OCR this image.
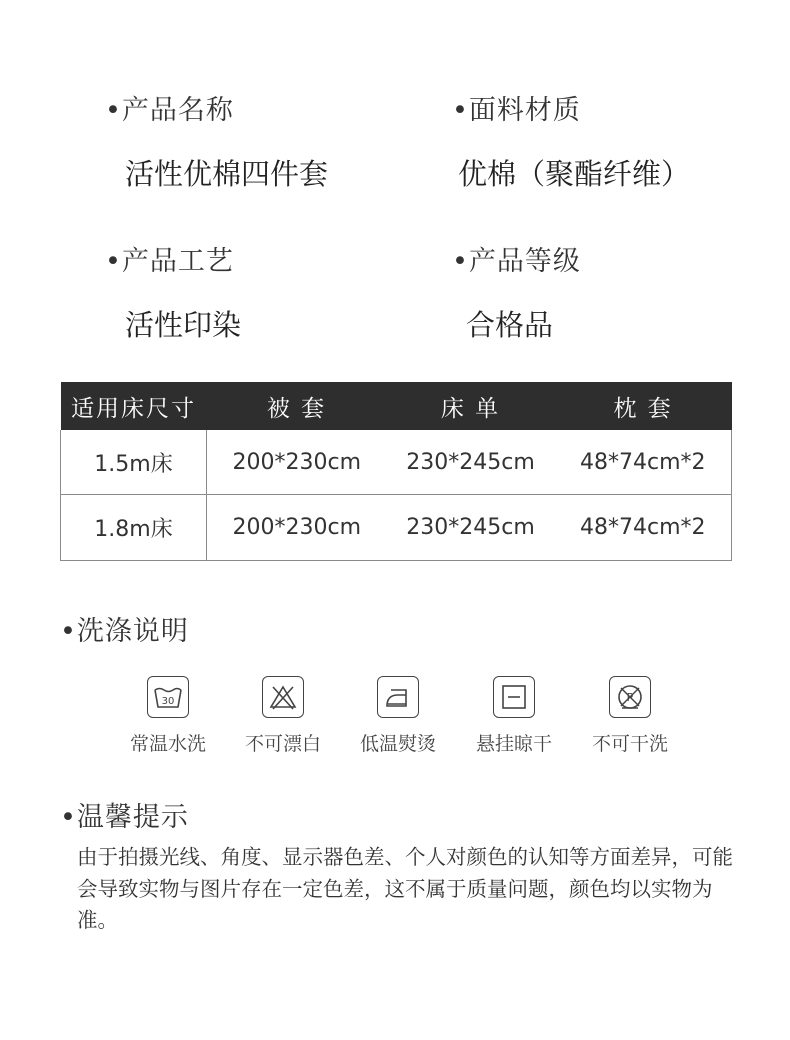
•产品名称
活性优棉四件套
•面料材质
优棉（聚酯纤维）
•产品工艺
活性印染
•产品等级
合格品
适用床尺寸	被 套	床 单	枕 套
1.5m床	200*230cm	230*245cm	48*74cm*2
1.8m床	200*230cm	230*245cm	48*74cm*2
•洗涤说明
30
常温水洗	不可漂白	低温熨烫	悬挂晾干
P
不可干洗
•温馨提示
由于拍摄光线、角度、显示器色差、个人对颜色的认知等方面差异，可能会导致实物与图片存在一定色差，这不属于质量问题，颜色均以实物为准。
